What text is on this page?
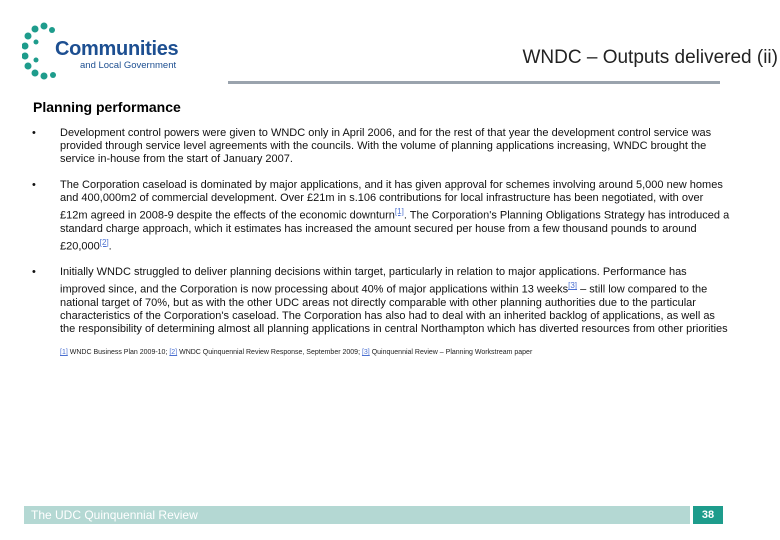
Communities
and Local Government	WNDC – Outputs delivered (ii)
Planning performance
• Development control powers were given to WNDC only in April 2006, and for the rest of that year the development control service was provided through service level agreements with the councils. With the volume of planning applications increasing, WNDC brought the service in-house from the start of January 2007.
• The Corporation caseload is dominated by major applications, and it has given approval for schemes involving around 5,000 new homes and 400,000m2 of commercial development. Over £21m in s.106 contributions for local infrastructure has been negotiated, with over £12m agreed in 2008-9 despite the effects of the economic downturn[1]. The Corporation's Planning Obligations Strategy has introduced a standard charge approach, which it estimates has increased the amount secured per house from a few thousand pounds to around £20,000[2].
• Initially WNDC struggled to deliver planning decisions within target, particularly in relation to major applications. Performance has improved since, and the Corporation is now processing about 40% of major applications within 13 weeks[3] – still low compared to the national target of 70%, but as with the other UDC areas not directly comparable with other planning authorities due to the particular characteristics of the Corporation's caseload. The Corporation has also had to deal with an inherited backlog of applications, as well as the responsibility of determining almost all planning applications in central Northampton which has diverted resources from other priorities
[1] WNDC Business Plan 2009-10; [2] WNDC Quinquennial Review Response, September 2009; [3] Quinquennial Review – Planning Workstream paper
The UDC Quinquennial Review	38
